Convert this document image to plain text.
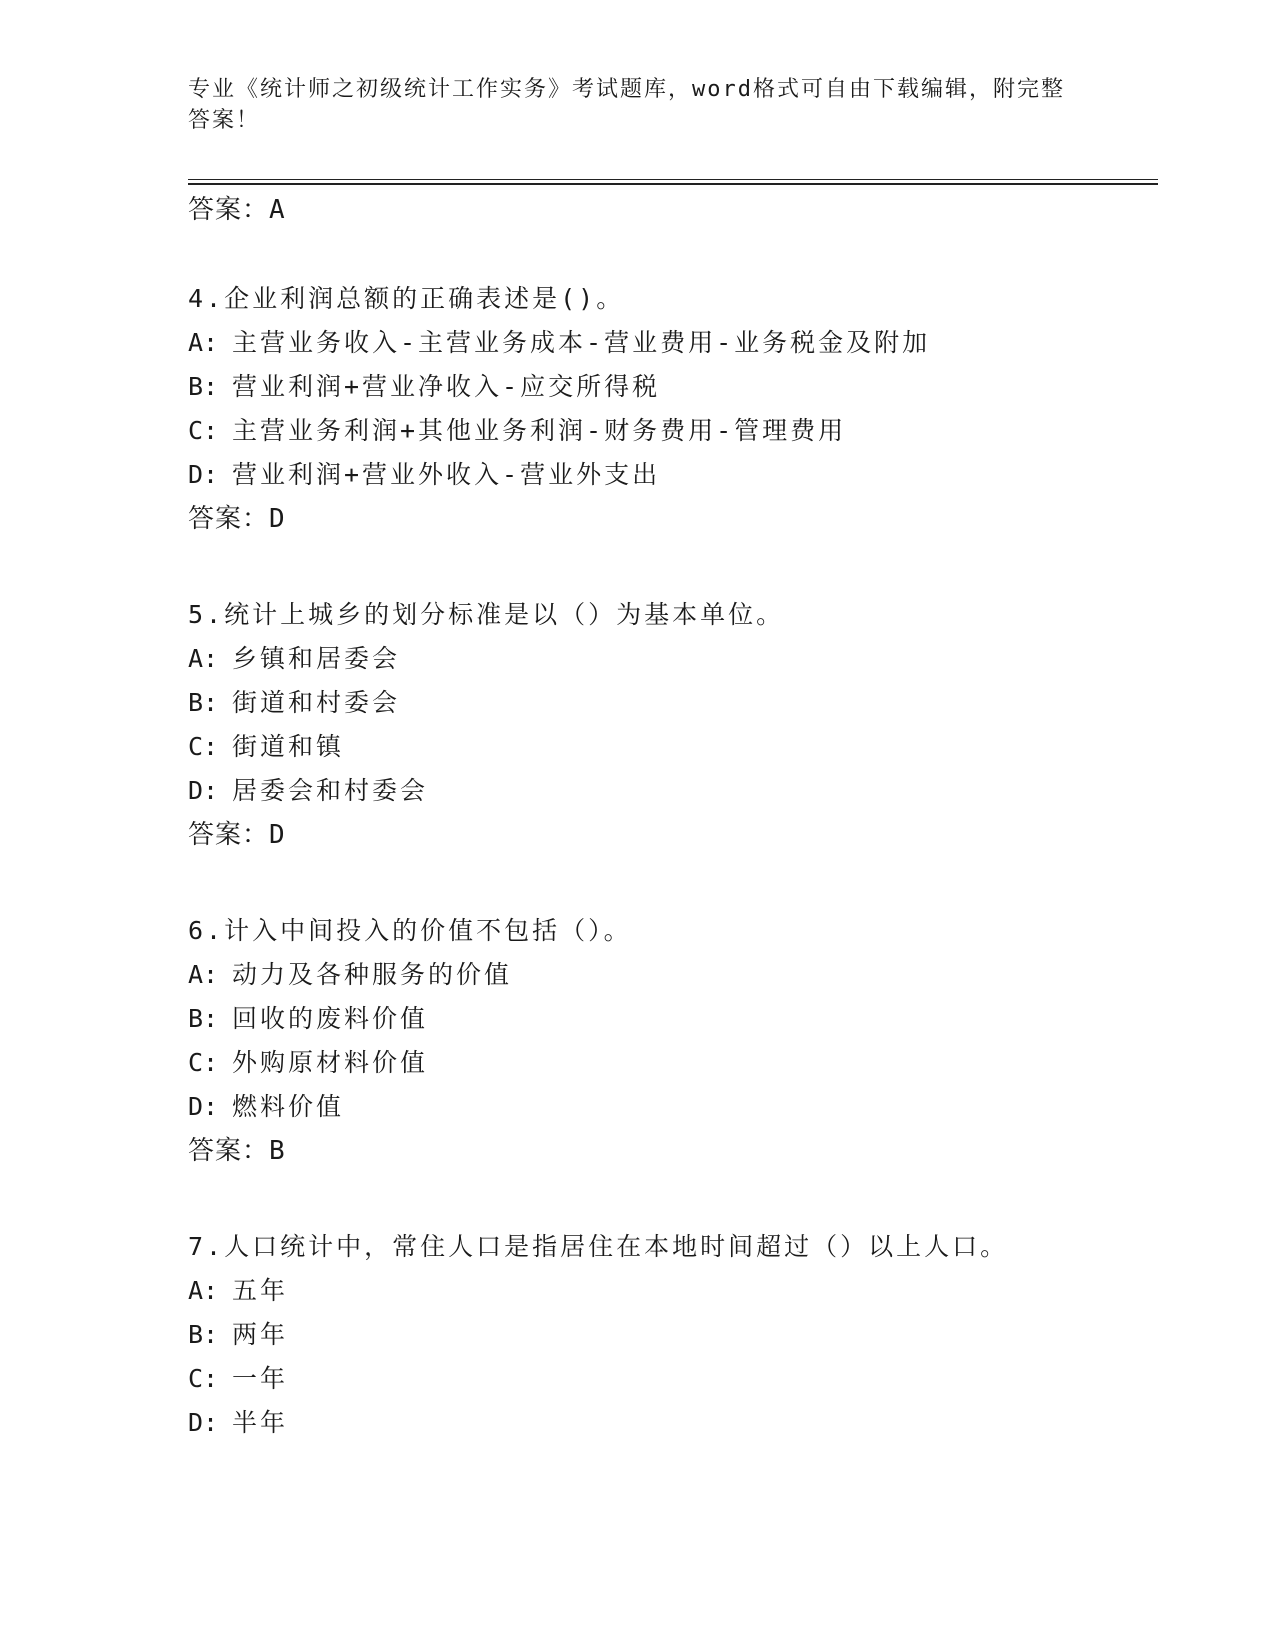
专业《统计师之初级统计工作实务》考试题库，word格式可自由下载编辑，附完整答案！
答案：A
4.企业利润总额的正确表述是()。
A: 主营业务收入-主营业务成本-营业费用-业务税金及附加
B: 营业利润+营业净收入-应交所得税
C: 主营业务利润+其他业务利润-财务费用-管理费用
D: 营业利润+营业外收入-营业外支出
答案：D
5.统计上城乡的划分标准是以（）为基本单位。
A: 乡镇和居委会
B: 街道和村委会
C: 街道和镇
D: 居委会和村委会
答案：D
6.计入中间投入的价值不包括（）。
A: 动力及各种服务的价值
B: 回收的废料价值
C: 外购原材料价值
D: 燃料价值
答案：B
7.人口统计中，常住人口是指居住在本地时间超过（）以上人口。
A: 五年
B: 两年
C: 一年
D: 半年
